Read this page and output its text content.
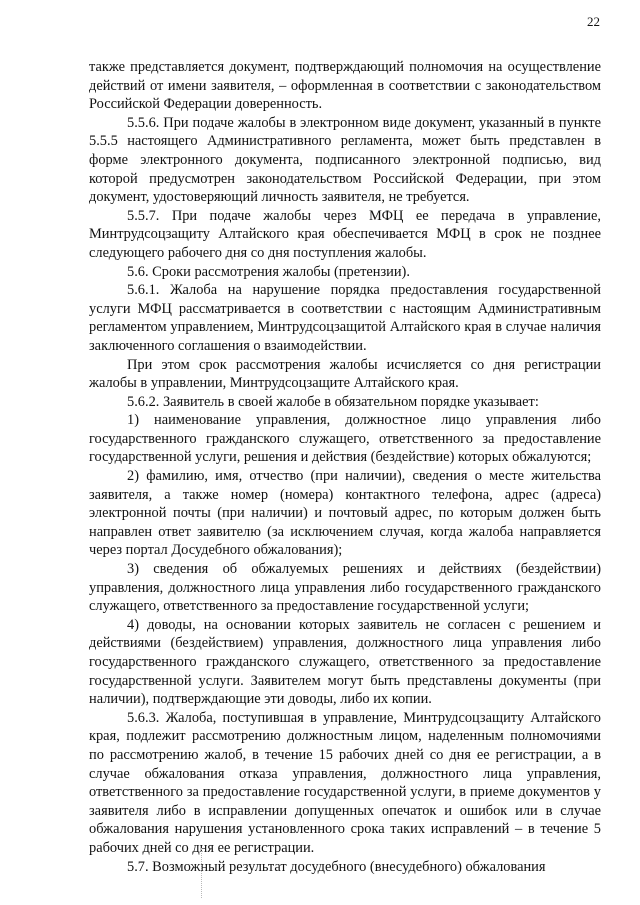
22

также представляется документ, подтверждающий полномочия на осуществление действий от имени заявителя, – оформленная в соответствии с законодательством Российской Федерации доверенность.

5.5.6. При подаче жалобы в электронном виде документ, указанный в пункте 5.5.5 настоящего Административного регламента, может быть представлен в форме электронного документа, подписанного электронной подписью, вид которой предусмотрен законодательством Российской Федерации, при этом документ, удостоверяющий личность заявителя, не требуется.

5.5.7. При подаче жалобы через МФЦ ее передача в управление, Минтрудсоцзащиту Алтайского края обеспечивается МФЦ в срок не позднее следующего рабочего дня со дня поступления жалобы.

5.6. Сроки рассмотрения жалобы (претензии).

5.6.1. Жалоба на нарушение порядка предоставления государственной услуги МФЦ рассматривается в соответствии с настоящим Административным регламентом управлением, Минтрудсоцзащитой Алтайского края в случае наличия заключенного соглашения о взаимодействии.

При этом срок рассмотрения жалобы исчисляется со дня регистрации жалобы в управлении, Минтрудсоцзащите Алтайского края.

5.6.2. Заявитель в своей жалобе в обязательном порядке указывает:

1) наименование управления, должностное лицо управления либо государственного гражданского служащего, ответственного за предоставление государственной услуги, решения и действия (бездействие) которых обжалуются;

2) фамилию, имя, отчество (при наличии), сведения о месте жительства заявителя, а также номер (номера) контактного телефона, адрес (адреса) электронной почты (при наличии) и почтовый адрес, по которым должен быть направлен ответ заявителю (за исключением случая, когда жалоба направляется через портал Досудебного обжалования);

3) сведения об обжалуемых решениях и действиях (бездействии) управления, должностного лица управления либо государственного гражданского служащего, ответственного за предоставление государственной услуги;

4) доводы, на основании которых заявитель не согласен с решением и действиями (бездействием) управления, должностного лица управления либо государственного гражданского служащего, ответственного за предоставление государственной услуги. Заявителем могут быть представлены документы (при наличии), подтверждающие эти доводы, либо их копии.

5.6.3. Жалоба, поступившая в управление, Минтрудсоцзащиту Алтайского края, подлежит рассмотрению должностным лицом, наделенным полномочиями по рассмотрению жалоб, в течение 15 рабочих дней со дня ее регистрации, а в случае обжалования отказа управления, должностного лица управления, ответственного за предоставление государственной услуги, в приеме документов у заявителя либо в исправлении допущенных опечаток и ошибок или в случае обжалования нарушения установленного срока таких исправлений – в течение 5 рабочих дней со дня ее регистрации.

5.7. Возможный результат досудебного (внесудебного) обжалования
